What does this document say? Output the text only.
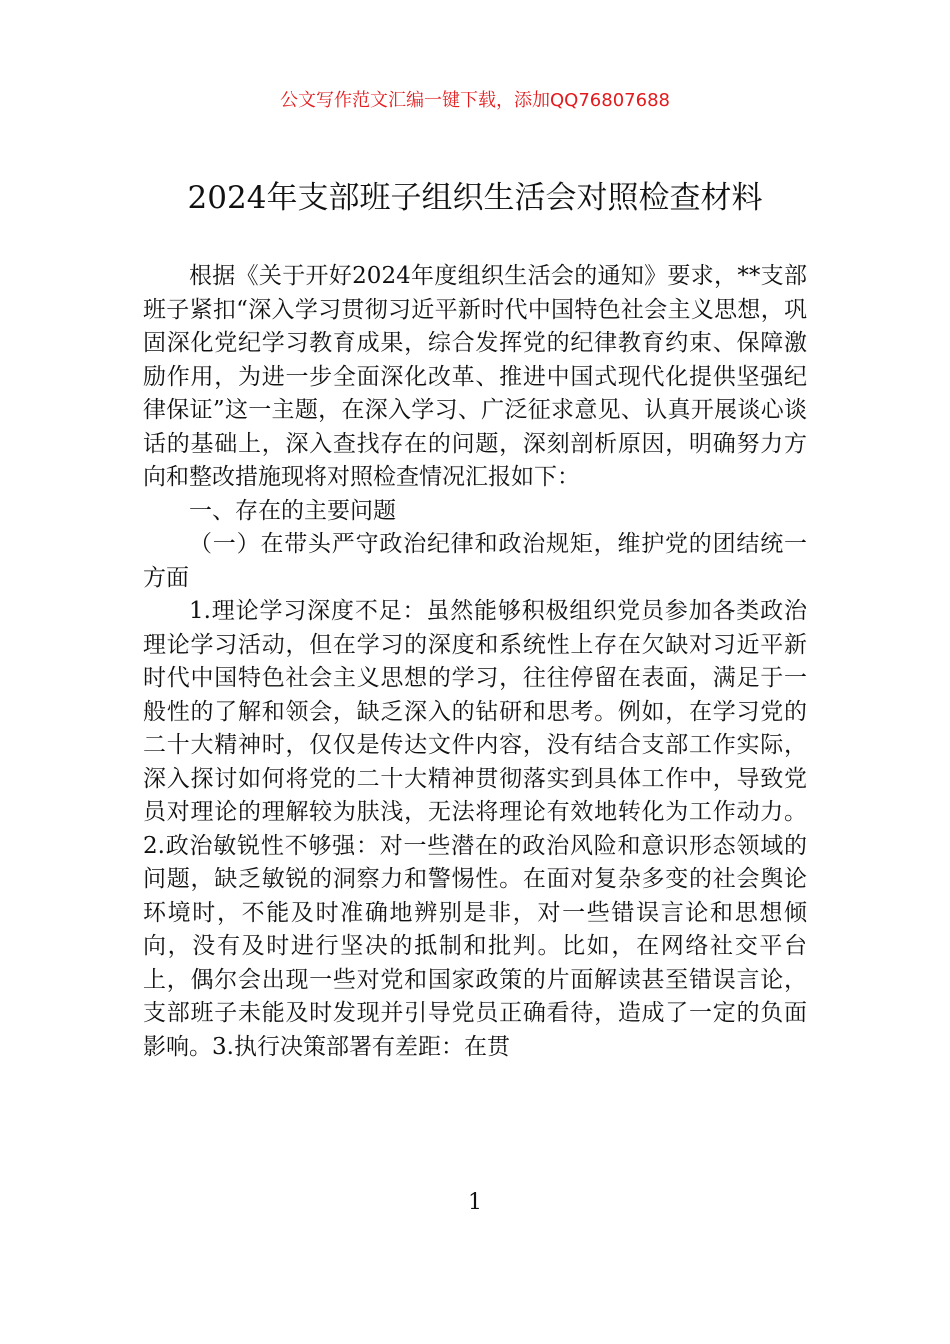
公文写作范文汇编一键下载，添加QQ76807688
2024年支部班子组织生活会对照检查材料

根据《关于开好2024年度组织生活会的通知》要求，**支部班子紧扣“深入学习贯彻习近平新时代中国特色社会主义思想，巩固深化党纪学习教育成果，综合发挥党的纪律教育约束、保障激励作用，为进一步全面深化改革、推进中国式现代化提供坚强纪律保证”这一主题，在深入学习、广泛征求意见、认真开展谈心谈话的基础上，深入查找存在的问题，深刻剖析原因，明确努力方向和整改措施现将对照检查情况汇报如下：

一、存在的主要问题

（一）在带头严守政治纪律和政治规矩，维护党的团结统一方面

1.理论学习深度不足：虽然能够积极组织党员参加各类政治理论学习活动，但在学习的深度和系统性上存在欠缺对习近平新时代中国特色社会主义思想的学习，往往停留在表面，满足于一般性的了解和领会，缺乏深入的钻研和思考。例如，在学习党的二十大精神时，仅仅是传达文件内容，没有结合支部工作实际，深入探讨如何将党的二十大精神贯彻落实到具体工作中，导致党员对理论的理解较为肤浅，无法将理论有效地转化为工作动力。2.政治敏锐性不够强：对一些潜在的政治风险和意识形态领域的问题，缺乏敏锐的洞察力和警惕性。在面对复杂多变的社会舆论环境时，不能及时准确地辨别是非，对一些错误言论和思想倾向，没有及时进行坚决的抵制和批判。比如，在网络社交平台上，偶尔会出现一些对党和国家政策的片面解读甚至错误言论，支部班子未能及时发现并引导党员正确看待，造成了一定的负面影响。3.执行决策部署有差距：在贯

1
